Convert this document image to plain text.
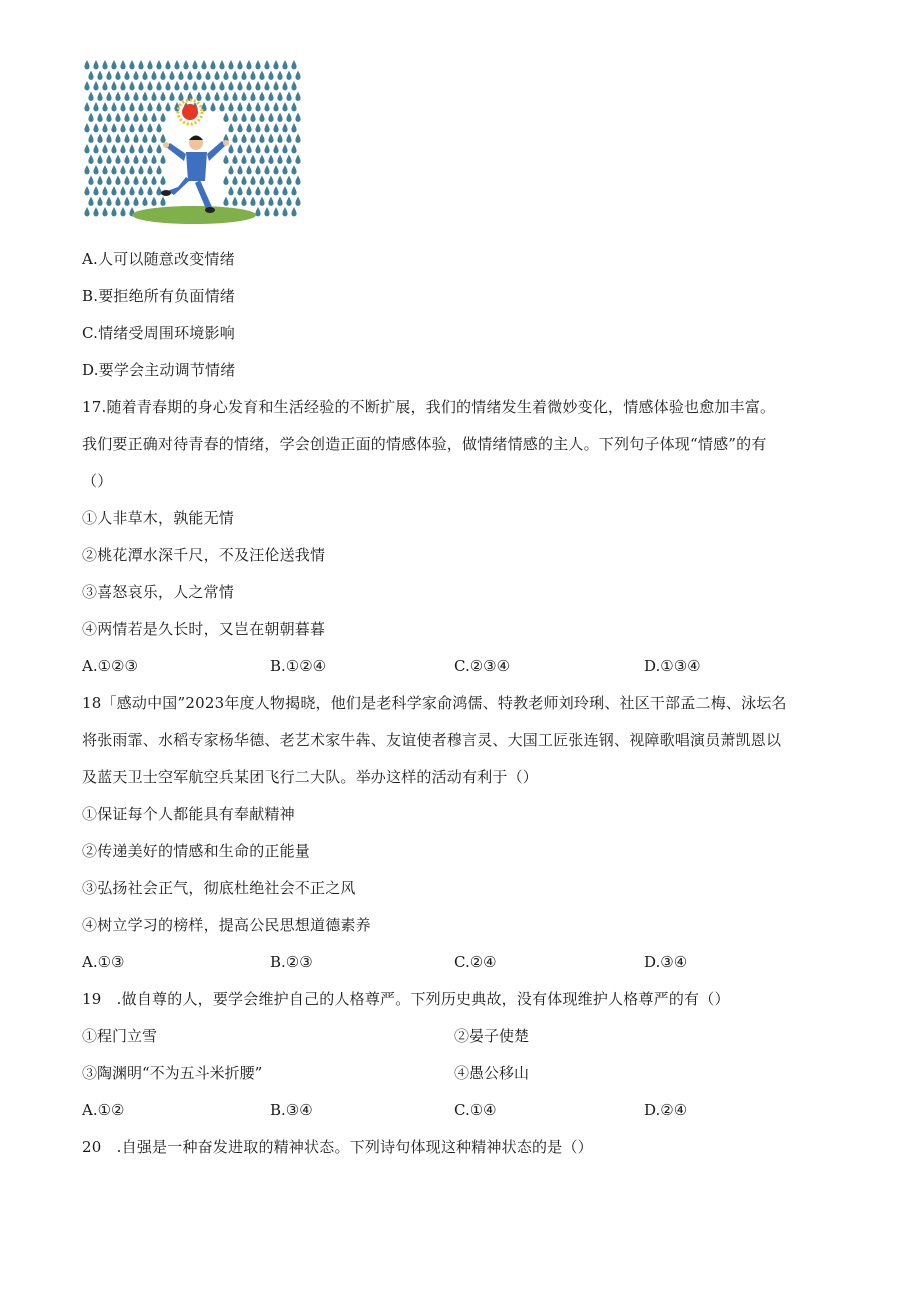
A.人可以随意改变情绪
B.要拒绝所有负面情绪
C.情绪受周围环境影响
D.要学会主动调节情绪
17.随着青春期的身心发育和生活经验的不断扩展，我们的情绪发生着微妙变化，情感体验也愈加丰富。
我们要正确对待青春的情绪，学会创造正面的情感体验，做情绪情感的主人。下列句子体现“情感”的有
（）
①人非草木，孰能无情
②桃花潭水深千尺，不及汪伦送我情
③喜怒哀乐，人之常情
④两情若是久长时，又岂在朝朝暮暮
A.①②③	B.①②④	C.②③④	D.①③④
18「感动中国”2023年度人物揭晓，他们是老科学家俞鸿儒、特教老师刘玲琍、社区干部孟二梅、泳坛名
将张雨霏、水稻专家杨华德、老艺术家牛犇、友谊使者穆言灵、大国工匠张连钢、视障歌唱演员萧凯恩以
及蓝天卫士空军航空兵某团飞行二大队。举办这样的活动有利于（）
①保证每个人都能具有奉献精神
②传递美好的情感和生命的正能量
③弘扬社会正气，彻底杜绝社会不正之风
④树立学习的榜样，提高公民思想道德素养
A.①③	B.②③	C.②④	D.③④
19　.做自尊的人，要学会维护自己的人格尊严。下列历史典故，没有体现维护人格尊严的有（）
①程门立雪	②晏子使楚
③陶渊明“不为五斗米折腰”	④愚公移山
A.①②	B.③④	C.①④	D.②④
20　.自强是一种奋发进取的精神状态。下列诗句体现这种精神状态的是（）
